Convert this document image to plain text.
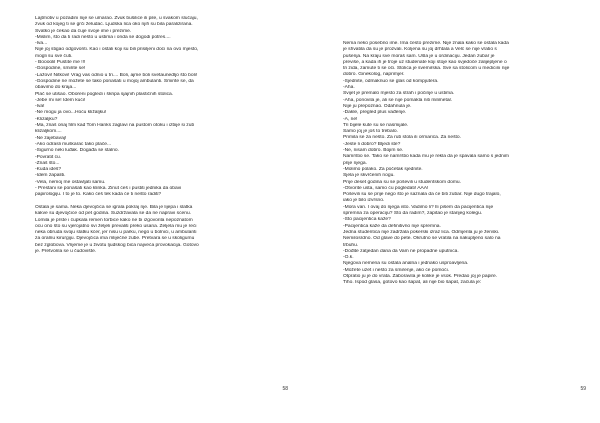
Lajtmotiv u pozadini nije se umarao. Zvuk bušilice ili pile, u svakom slučaju,
zvuk od kojeg ti se grči želudac. Ljudska lica oko njih su bila paralizirana.
Svatko je čekao da čuje svoje ime i prezime.
-Mislim, što da ti radi nešto u ustima i onda se dogodi potres....
-Iva...
Nije joj stigao odgovoriti. Kao i ostali koji su bili prisiljeni doći na ovo mjesto,
mogli su sve čuti.
- Boooolil Pustite me !!!
-Gospodine, smirite se!
-Lažovi! Nitkovi! Vrag vas odnio u tri.... Boli, ajme boli svetaunedljo što boli!
-Gospodine ne možete se tako ponašati u mojoj ambulanti. Smirite se, da
obavimo do kraja...
Plač se utišao. Oboreni pogledi i škripa sjajnih plastičnih stolica.
-Jebe mi se! Idem kući!
-Iva!
-Ne mogu ja ovo...Hoću kližaljku!
-Klizaljku?
-Ma, znaš onaj film kad Tom Hanks zaglavi na pustom otoku i izbije si zub
klizaljkom....
-Ne zajebavaj!
-Ako odrasli muškarac tako plače...
-Sigurno neki luđak. Događa se stalno.
-Povratit ću.
-Znaš što...
-Kuda ideš?
-Idem zapaliti.
-Vela, nemoj me ostavljati samu.
- Prestani se ponašati kao klinka. Zinut ćeš i pustiti jednika da obavi
papirologiju. I to je to. Kako ćeš tek kada će ti nešto raditi?

Ostala je sama. Neka djevojčica se igrala pokraj nje. Bila je lijepa i slatka
kakve su djevojčice od pet godina. Suzdržavala se da ne napravi scenu.
Lomila je prste i čupkala remen torbice kako ne bi izgovorila nepoznatom
ocu ono što su vjerojatno svi željeli prevaliti preko usana. Željela mu je reći
neka obruda svoju slatku kćer, jer nisu u parku, nego u bolnici, u ambulanti
za oralnu kirurgiju. Djevojčica ima mliječne zube. Pretvara se u skoligumu
bez zglobova. Vrijeme je u životu ljudskog bića najveća provokacija. Gotovo
je. Pretvorila se u čudovište.
58
Nema neko posebno ime. Ima često prezime. Nije znala kako se ostala kada
je shvatila da su je prozvali. Koljena su joj drhtala a Velć se nije vratio s
pušenja. Na kraju sve moraš sam. Ušla je u ordinaciju. Jedan zubar je
previše, a kada ih je troje uz studenate koji stoje kao svjedoče zalijepljene o
tri zida, zamute ti se oči. Stolica je svemirska. Sve sa stolicom u medicini nije
dobro. Ginekolog, naprimjer.
-Sjednite, odmaknuo se glas od kompjutera.
-Aha.
Svijet je premalo mjesto za strah i počinje u ustima.
-Aha, ponovila je, ali se nije pomakla niti milimetar.
Nije ju prepoznao. Odahnula je.
-Dakle, pregled plus vađenje.
-A, ne!
Tri bijele kute su se nasmijale.
Samo joj je još to trebalo.
Primila se za nešto. Za rub stola ili ormarića. Za nešto.
-Jeste li dobro? Bljedi ste?
-Ne, nisam dobro. Bojim se.
Namrštio se. Tako se namrštio kada mu je rekla da je spavala samo s jednim
prije njega.
-Molimo polako. Za početak sjednite.
Sjela je skvrčenih nogu.
Prije deset godina su se poševili u studentskom domu.
-Otvorite usta, samo ću pogledati! AAA!
Poševili su se prije nego što je saznala da će biti zubar. Nije dugo trajalo,
iako je bilo izvrsno.
-Mora van. I ovaj do njega isto. Vadimo li? Ili pišem da pacijentica nije
spremna za operaciju? Što da radim?, zapitao je starijeg kolegu.
-Što pacijentica kaže?
-Pacijentica kaže da definitivno nije spremna.
Jedna studentica nije zadržala pokerski izraz lica. Odmjerila ju je ženski.
Nemilosrdno. Od glave do pete. Okrutno se vratila na nakupljeno salo na
trbuhu.
-Dođite zatjedan dana da Vam ne propadne uputnica.
-O.k.
Njegova nemena su ostala analna i jednako usproavljena.
-Možete uzet i nešto za smirenje, ako će pomoći.
Otpratio ju je do vrata. Zaboravila je kolike je vsok. Predao joj je papire.
Tiho. Ispod glasa, gotovo kao šapat, ali nije bio šapat, začula je:
59
